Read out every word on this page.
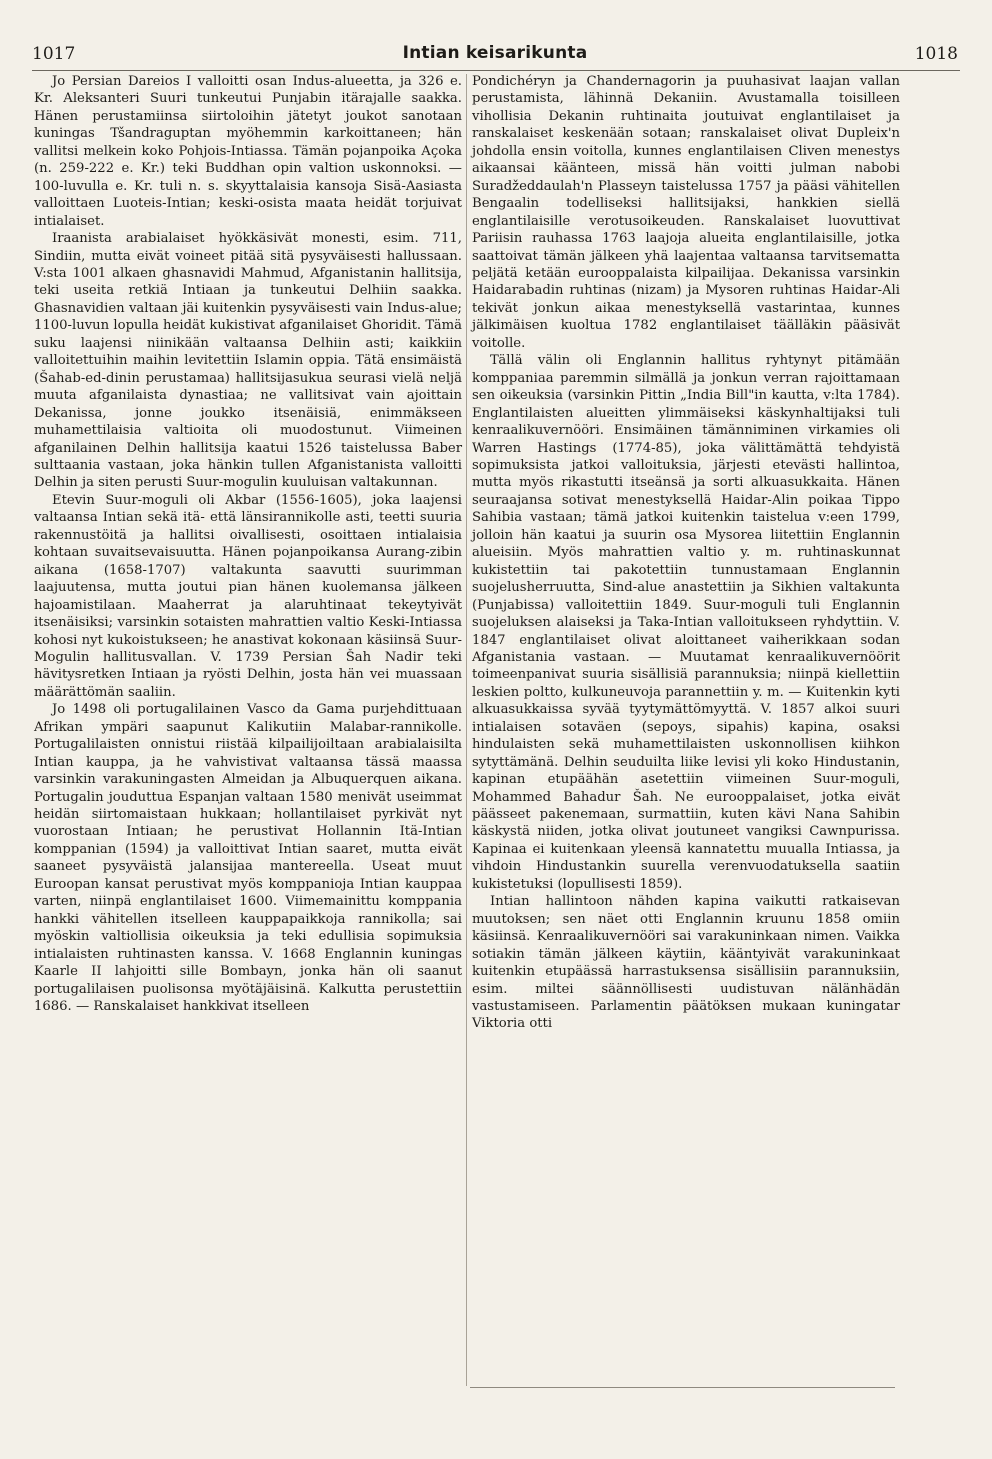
1017	Intian keisarikunta	1018

Jo Persian Dareios I valloitti osan Indus-alueetta, ja 326 e. Kr. Aleksanteri Suuri tunkeutui Punjabin itärajalle saakka. Hänen perustamiinsa siirtoloihin jätetyt joukot sanotaan kuningas Tšandraguptan myöhemmin karkoittaneen; hän vallitsi melkein koko Pohjois-Intiassa. Tämän pojanpoika Açoka (n. 259-222 e. Kr.) teki Buddhan opin valtion uskonnoksi. — 100-luvulla e. Kr. tuli n. s. skyyttalaisia kansoja Sisä-Aasiasta valloittaen Luoteis-Intian; keski-osista maata heidät torjuivat intialaiset.

Iraanista arabialaiset hyökkäsivät monesti, esim. 711, Sindiin, mutta eivät voineet pitää sitä pysyväisesti hallussaan. V:sta 1001 alkaen ghasnavidi Mahmud, Afganistanin hallitsija, teki useita retkiä Intiaan ja tunkeutui Delhiin saakka. Ghasnavidien valtaan jäi kuitenkin pysyväisesti vain Indus-alue; 1100-luvun lopulla heidät kukistivat afganilaiset Ghoridit. Tämä suku laajensi niinikään valtaansa Delhiin asti; kaikkiin valloitettuihin maihin levitettiin Islamin oppia. Tätä ensimäistä (Šahab-ed-dinin perustamaa) hallitsijasukua seurasi vielä neljä muuta afganilaista dynastiaa; ne vallitsivat vain ajoittain Dekanissa, jonne joukko itsenäisiä, enimmäkseen muhamettilaisia valtioita oli muodostunut. Viimeinen afganilainen Delhin hallitsija kaatui 1526 taistelussa Baber sulttaania vastaan, joka hänkin tullen Afganistanista valloitti Delhin ja siten perusti Suur-mogulin kuuluisan valtakunnan.

Etevin Suur-moguli oli Akbar (1556-1605), joka laajensi valtaansa Intian sekä itä- että länsirannikolle asti, teetti suuria rakennustöitä ja hallitsi oivallisesti, osoittaen intialaisia kohtaan suvaitsevaisuutta. Hänen pojanpoikansa Aurang-zibin aikana (1658-1707) valtakunta saavutti suurimman laajuutensa, mutta joutui pian hänen kuolemansa jälkeen hajoamistilaan. Maaherrat ja alaruhtinaat tekeytyivät itsenäisiksi; varsinkin sotaisten mahrattien valtio Keski-Intiassa kohosi nyt kukoistukseen; he anastivat kokonaan käsiinsä Suur-Mogulin hallitusvallan. V. 1739 Persian Šah Nadir teki hävitysretken Intiaan ja ryösti Delhin, josta hän vei muassaan määrättömän saaliin.

Jo 1498 oli portugalilainen Vasco da Gama purjehdittuaan Afrikan ympäri saapunut Kalikutiin Malabar-rannikolle. Portugalilaisten onnistui riistää kilpailijoiltaan arabialaisilta Intian kauppa, ja he vahvistivat valtaansa tässä maassa varsinkin varakuningasten Almeidan ja Albuquerquen aikana. Portugalin jouduttua Espanjan valtaan 1580 menivät useimmat heidän siirtomaistaan hukkaan; hollantilaiset pyrkivät nyt vuorostaan Intiaan; he perustivat Hollannin Itä-Intian komppanian (1594) ja valloittivat Intian saaret, mutta eivät saaneet pysyväistä jalansijaa mantereella. Useat muut Euroopan kansat perustivat myös komppanioja Intian kauppaa varten, niinpä englantilaiset 1600. Viimemainittu komppania hankki vähitellen itselleen kauppapaikkoja rannikolla; sai myöskin valtiollisia oikeuksia ja teki edullisia sopimuksia intialaisten ruhtinasten kanssa. V. 1668 Englannin kuningas Kaarle II lahjoitti sille Bombayn, jonka hän oli saanut portugalilaisen puolisonsa myötäjäisinä. Kalkutta perustettiin 1686. — Ranskalaiset hankkivat itselleen

Pondichéryn ja Chandernagorin ja puuhasivat laajan vallan perustamista, lähinnä Dekaniin. Avustamalla toisilleen vihollisia Dekanin ruhtinaita joutuivat englantilaiset ja ranskalaiset keskenään sotaan; ranskalaiset olivat Dupleix'n johdolla ensin voitolla, kunnes englantilaisen Cliven menestys aikaansai käänteen, missä hän voitti julman nabobi Suradžeddaulah'n Plasseyn taistelussa 1757 ja pääsi vähitellen Bengaalin todelliseksi hallitsijaksi, hankkien siellä englantilaisille verotusoikeuden. Ranskalaiset luovuttivat Pariisin rauhassa 1763 laajoja alueita englantilaisille, jotka saattoivat tämän jälkeen yhä laajentaa valtaansa tarvitsematta peljätä ketään eurooppalaista kilpailijaa. Dekanissa varsinkin Haidarabadin ruhtinas (nizam) ja Mysoren ruhtinas Haidar-Ali tekivät jonkun aikaa menestyksellä vastarintaa, kunnes jälkimäisen kuoltua 1782 englantilaiset täälläkin pääsivät voitolle.

Tällä välin oli Englannin hallitus ryhtynyt pitämään komppaniaa paremmin silmällä ja jonkun verran rajoittamaan sen oikeuksia (varsinkin Pittin „India Bill"in kautta, v:lta 1784). Englantilaisten alueitten ylimmäiseksi käskynhaltijaksi tuli kenraalikuvernööri. Ensimäinen tämänniminen virkamies oli Warren Hastings (1774-85), joka välittämättä tehdyistä sopimuksista jatkoi valloituksia, järjesti etevästi hallintoa, mutta myös rikastutti itseänsä ja sorti alkuasukkaita. Hänen seuraajansa sotivat menestyksellä Haidar-Alin poikaa Tippo Sahibia vastaan; tämä jatkoi kuitenkin taistelua v:een 1799, jolloin hän kaatui ja suurin osa Mysorea liitettiin Englannin alueisiin. Myös mahrattien valtio y. m. ruhtinaskunnat kukistettiin tai pakotettiin tunnustamaan Englannin suojelusherruutta, Sind-alue anastettiin ja Sikhien valtakunta (Punjabissa) valloitettiin 1849. Suur-moguli tuli Englannin suojeluksen alaiseksi ja Taka-Intian valloitukseen ryhdyttiin. V. 1847 englantilaiset olivat aloittaneet vaiherikkaan sodan Afganistania vastaan. — Muutamat kenraalikuvernöörit toimeenpanivat suuria sisällisiä parannuksia; niinpä kiellettiin leskien poltto, kulkuneuvoja parannettiin y. m. — Kuitenkin kyti alkuasukkaissa syvää tyytymättömyyttä. V. 1857 alkoi suuri intialaisen sotaväen (sepoys, sipahis) kapina, osaksi hindulaisten sekä muhamettilaisten uskonnollisen kiihkon sytyttämänä. Delhin seuduilta liike levisi yli koko Hindustanin, kapinan etupäähän asetettiin viimeinen Suur-moguli, Mohammed Bahadur Šah. Ne eurooppalaiset, jotka eivät päässeet pakenemaan, surmattiin, kuten kävi Nana Sahibin käskystä niiden, jotka olivat joutuneet vangiksi Cawnpurissa. Kapinaa ei kuitenkaan yleensä kannatettu muualla Intiassa, ja vihdoin Hindustankin suurella verenvuodatuksella saatiin kukistetuksi (lopullisesti 1859).

Intian hallintoon nähden kapina vaikutti ratkaisevan muutoksen; sen näet otti Englannin kruunu 1858 omiin käsiinsä. Kenraalikuvernööri sai varakuninkaan nimen. Vaikka sotiakin tämän jälkeen käytiin, kääntyivät varakuninkaat kuitenkin etupäässä harrastuksensa sisällisiin parannuksiin, esim. miltei säännöllisesti uudistuvan nälänhädän vastustamiseen. Parlamentin päätöksen mukaan kuningatar Viktoria otti
